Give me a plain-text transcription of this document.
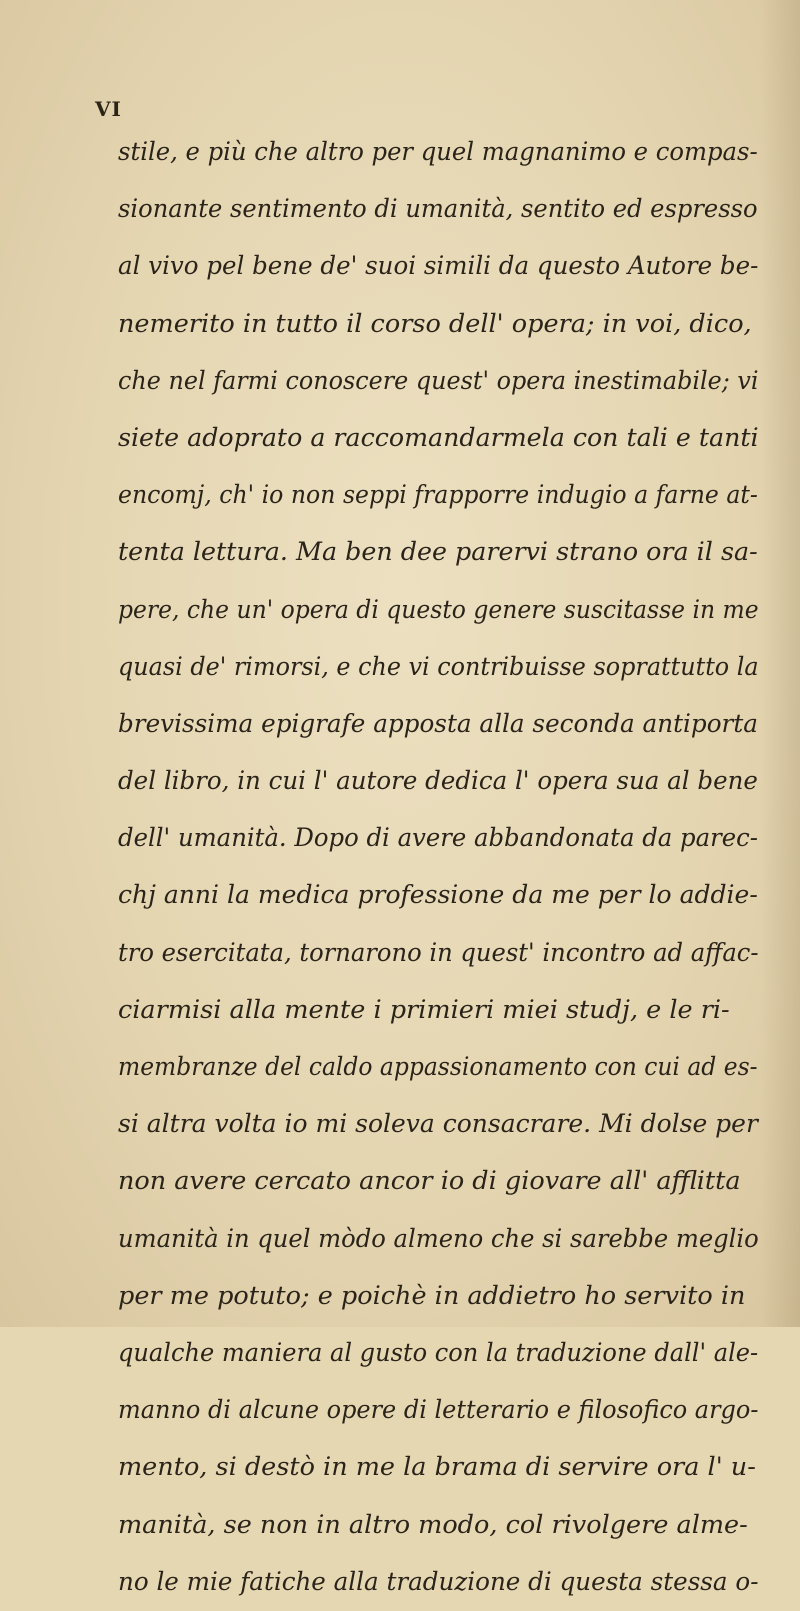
VI
stile, e più che altro per quel magnanimo e compas-
sionante sentimento di umanità, sentito ed espresso
al vivo pel bene de' suoi simili da questo Autore be-
nemerito in tutto il corso dell' opera; in voi, dico,
che nel farmi conoscere quest' opera inestimabile; vi
siete adoprato a raccomandarmela con tali e tanti
encomj, ch' io non seppi frapporre indugio a farne at-
tenta lettura. Ma ben dee parervi strano ora il sa-
pere, che un' opera di questo genere suscitasse in me
quasi de' rimorsi, e che vi contribuisse soprattutto la
brevissima epigrafe apposta alla seconda antiporta
del libro, in cui l' autore dedica l' opera sua al bene
dell' umanità. Dopo di avere abbandonata da parec-
chj anni la medica professione da me per lo addie-
tro esercitata, tornarono in quest' incontro ad affac-
ciarmisi alla mente i primieri miei studj, e le ri-
membranze del caldo appassionamento con cui ad es-
si altra volta io mi soleva consacrare. Mi dolse per
non avere cercato ancor io di giovare all' afflitta
umanità in quel mòdo almeno che si sarebbe meglio
per me potuto; e poichè in addietro ho servito in
qualche maniera al gusto con la traduzione dall' ale-
manno di alcune opere di letterario e filosofico argo-
mento, si destò in me la brama di servire ora l' u-
manità, se non in altro modo, col rivolgere alme-
no le mie fatiche alla traduzione di questa stessa o-
